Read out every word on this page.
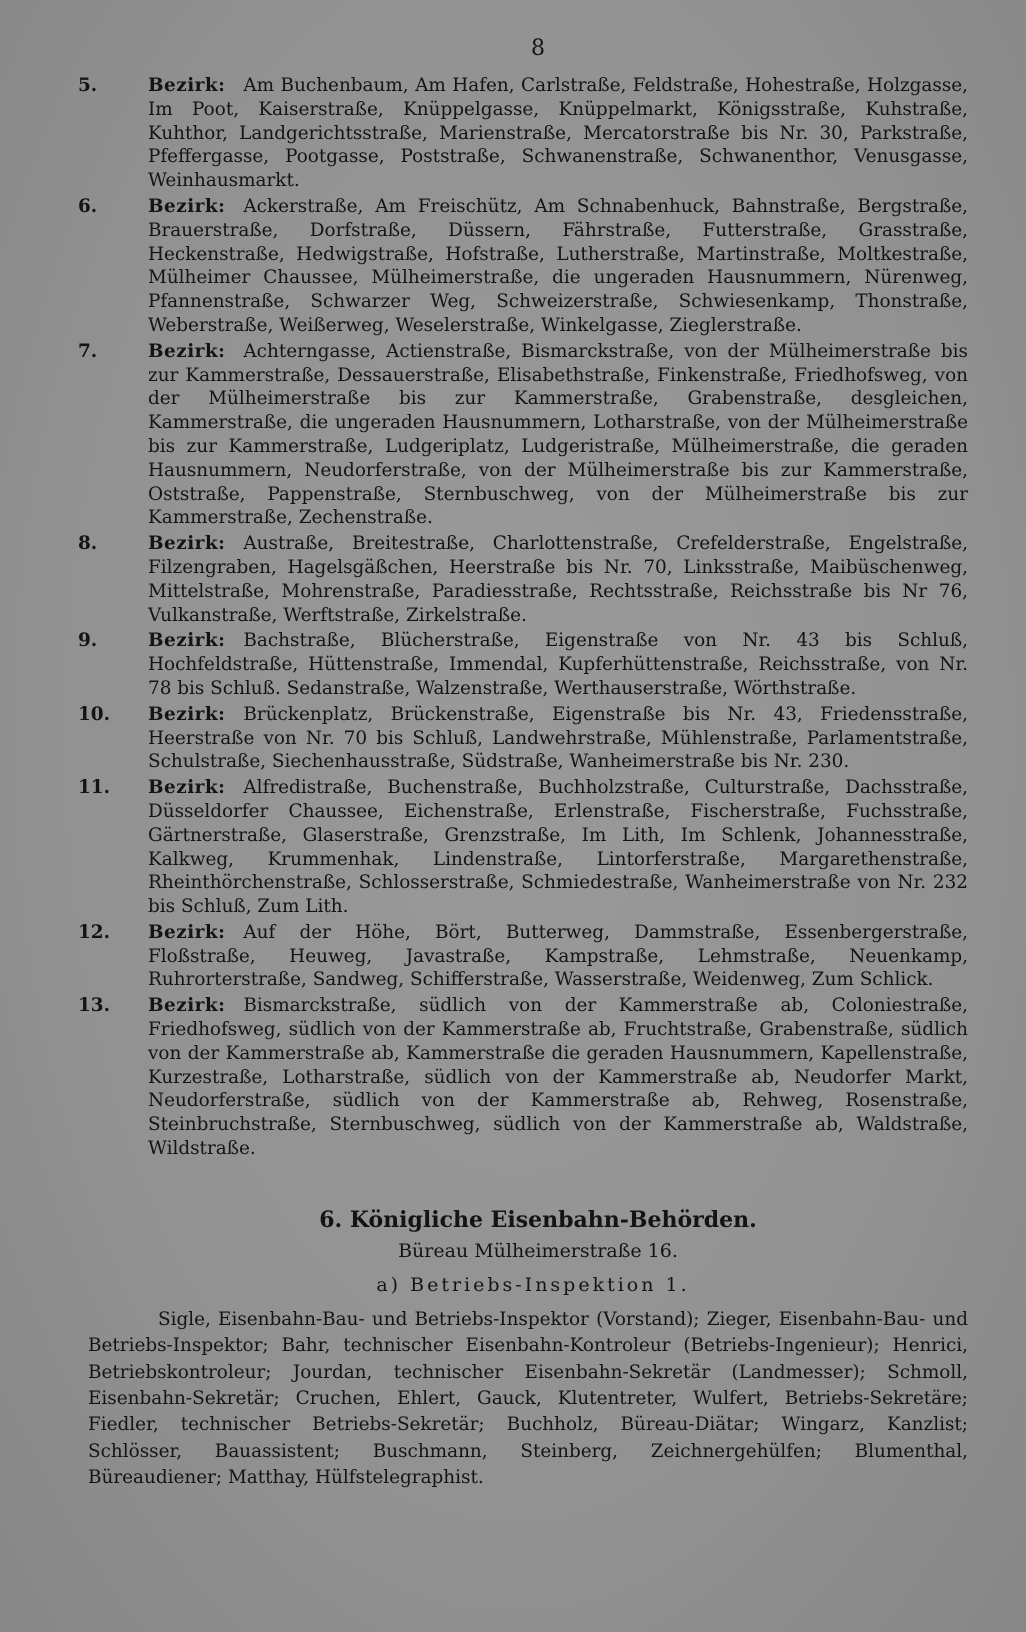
8

5.	Bezirk: Am Buchenbaum, Am Hafen, Carlstraße, Feldstraße, Hohestraße, Holzgasse, Im Poot, Kaiserstraße, Knüppelgasse, Knüppelmarkt, Königsstraße, Kuhstraße, Kuhthor, Landgerichtsstraße, Marienstraße, Mercatorstraße bis Nr. 30, Parkstraße, Pfeffergasse, Pootgasse, Poststraße, Schwanenstraße, Schwanenthor, Venusgasse, Weinhausmarkt.

6.	Bezirk: Ackerstraße, Am Freischütz, Am Schnabenhuck, Bahnstraße, Bergstraße, Brauerstraße, Dorfstraße, Düssern, Fährstraße, Futterstraße, Grasstraße, Heckenstraße, Hedwigstraße, Hofstraße, Lutherstraße, Martinstraße, Moltkestraße, Mülheimer Chaussee, Mülheimerstraße, die ungeraden Hausnummern, Nürenweg, Pfannenstraße, Schwarzer Weg, Schweizerstraße, Schwiesenkamp, Thonstraße, Weberstraße, Weißerweg, Weselerstraße, Winkelgasse, Zieglerstraße.

7.	Bezirk: Achterngasse, Actienstraße, Bismarckstraße, von der Mülheimerstraße bis zur Kammerstraße, Dessauerstraße, Elisabethstraße, Finkenstraße, Friedhofsweg, von der Mülheimerstraße bis zur Kammerstraße, Grabenstraße, desgleichen, Kammerstraße, die ungeraden Hausnummern, Lotharstraße, von der Mülheimerstraße bis zur Kammerstraße, Ludgeriplatz, Ludgeristraße, Mülheimerstraße, die geraden Hausnummern, Neudorferstraße, von der Mülheimerstraße bis zur Kammerstraße, Oststraße, Pappenstraße, Sternbuschweg, von der Mülheimerstraße bis zur Kammerstraße, Zechenstraße.

8.	Bezirk: Austraße, Breitestraße, Charlottenstraße, Crefelderstraße, Engelstraße, Filzengraben, Hagelsgäßchen, Heerstraße bis Nr. 70, Linksstraße, Maibüschenweg, Mittelstraße, Mohrenstraße, Paradiesstraße, Rechtsstraße, Reichsstraße bis Nr 76, Vulkanstraße, Werftstraße, Zirkelstraße.

9.	Bezirk: Bachstraße, Blücherstraße, Eigenstraße von Nr. 43 bis Schluß, Hochfeldstraße, Hüttenstraße, Immendal, Kupferhüttenstraße, Reichsstraße, von Nr. 78 bis Schluß. Sedanstraße, Walzenstraße, Werthauserstraße, Wörthstraße.

10.	Bezirk: Brückenplatz, Brückenstraße, Eigenstraße bis Nr. 43, Friedensstraße, Heerstraße von Nr. 70 bis Schluß, Landwehrstraße, Mühlenstraße, Parlamentstraße, Schulstraße, Siechenhausstraße, Südstraße, Wanheimerstraße bis Nr. 230.

11.	Bezirk: Alfredistraße, Buchenstraße, Buchholzstraße, Culturstraße, Dachsstraße, Düsseldorfer Chaussee, Eichenstraße, Erlenstraße, Fischerstraße, Fuchsstraße, Gärtnerstraße, Glaserstraße, Grenzstraße, Im Lith, Im Schlenk, Johannesstraße, Kalkweg, Krummenhak, Lindenstraße, Lintorferstraße, Margarethenstraße, Rheinthörchenstraße, Schlosserstraße, Schmiedestraße, Wanheimerstraße von Nr. 232 bis Schluß, Zum Lith.

12.	Bezirk: Auf der Höhe, Bört, Butterweg, Dammstraße, Essenbergerstraße, Floßstraße, Heuweg, Javastraße, Kampstraße, Lehmstraße, Neuenkamp, Ruhrorterstraße, Sandweg, Schifferstraße, Wasserstraße, Weidenweg, Zum Schlick.

13.	Bezirk: Bismarckstraße, südlich von der Kammerstraße ab, Coloniestraße, Friedhofsweg, südlich von der Kammerstraße ab, Fruchtstraße, Grabenstraße, südlich von der Kammerstraße ab, Kammerstraße die geraden Hausnummern, Kapellenstraße, Kurzestraße, Lotharstraße, südlich von der Kammerstraße ab, Neudorfer Markt, Neudorferstraße, südlich von der Kammerstraße ab, Rehweg, Rosenstraße, Steinbruchstraße, Sternbuschweg, südlich von der Kammerstraße ab, Waldstraße, Wildstraße.

6. Königliche Eisenbahn-Behörden.
Büreau Mülheimerstraße 16.
a) Betriebs-Inspektion 1.

Sigle, Eisenbahn-Bau- und Betriebs-Inspektor (Vorstand); Zieger, Eisenbahn-Bau- und Betriebs-Inspektor; Bahr, technischer Eisenbahn-Kontroleur (Betriebs-Ingenieur); Henrici, Betriebskontroleur; Jourdan, technischer Eisenbahn-Sekretär (Landmesser); Schmoll, Eisenbahn-Sekretär; Cruchen, Ehlert, Gauck, Klutentreter, Wulfert, Betriebs-Sekretäre; Fiedler, technischer Betriebs-Sekretär; Buchholz, Büreau-Diätar; Wingarz, Kanzlist; Schlösser, Bauassistent; Buschmann, Steinberg, Zeichnergehülfen; Blumenthal, Büreaudiener; Matthay, Hülfstelegraphist.
